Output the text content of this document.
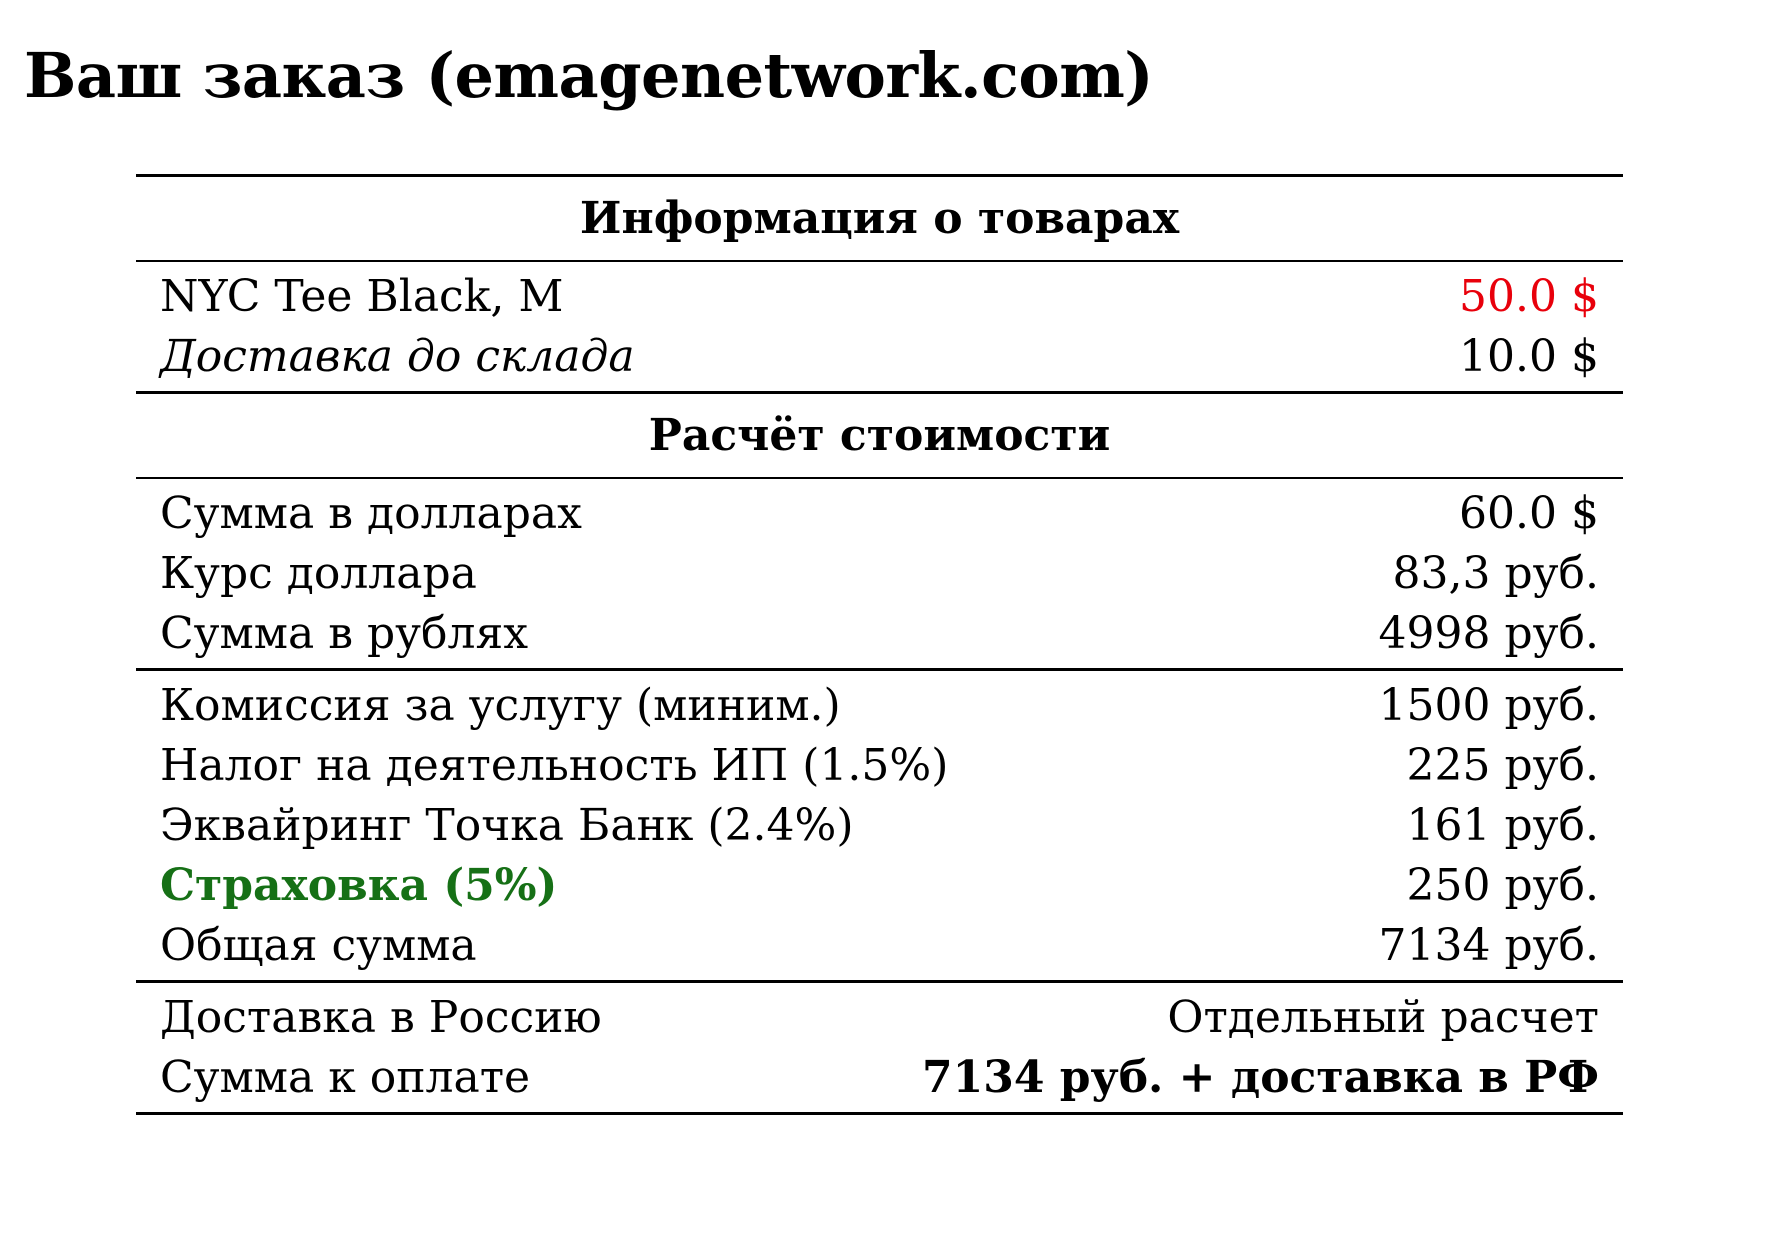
Ваш заказ (emagenetwork.com)
Информация о товарах
NYC Tee Black, M	50.0 $
Доставка до склада	10.0 $
Расчёт стоимости
Сумма в долларах	60.0 $
Курс доллара	83,3 руб.
Сумма в рублях	4998 руб.
Комиссия за услугу (миним.)	1500 руб.
Налог на деятельность ИП (1.5%)	225 руб.
Эквайринг Точка Банк (2.4%)	161 руб.
Страховка (5%)	250 руб.
Общая сумма	7134 руб.
Доставка в Россию	Отдельный расчет
Сумма к оплате	7134 руб. + доставка в РФ
